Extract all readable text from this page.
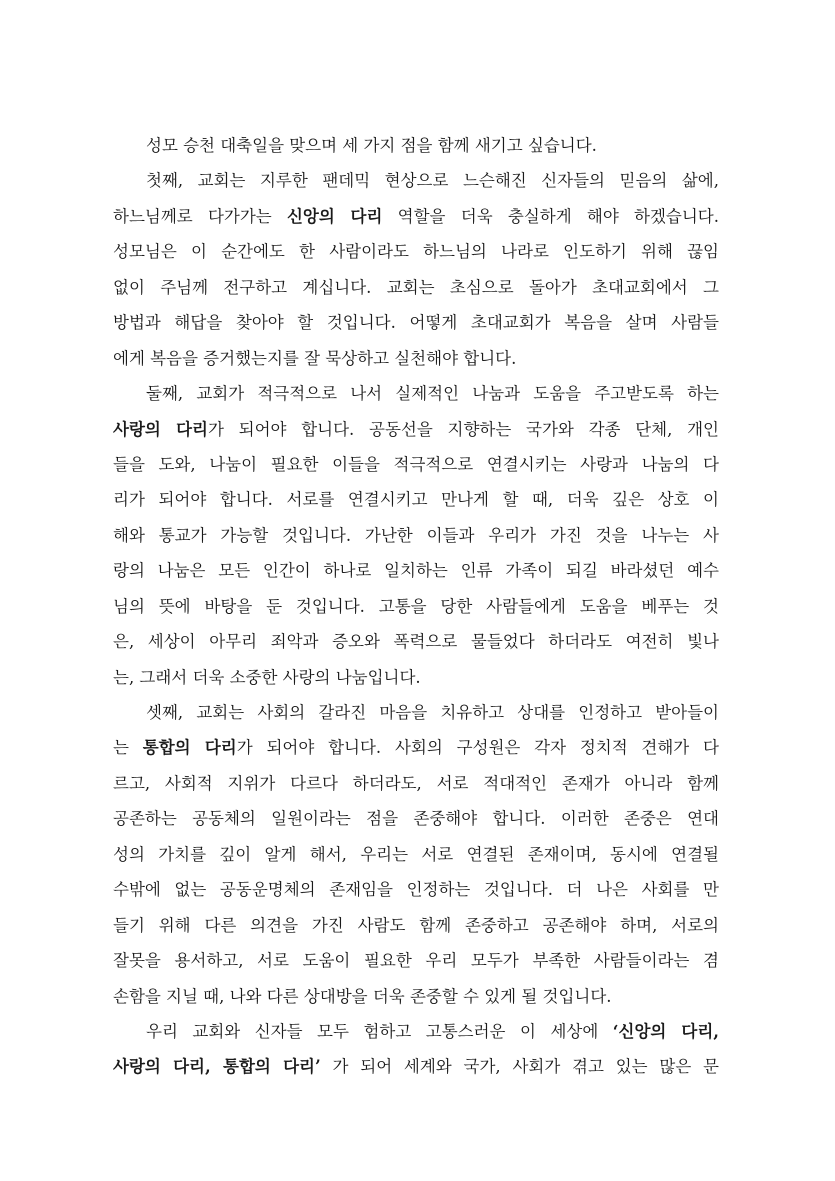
성모 승천 대축일을 맞으며 세 가지 점을 함께 새기고 싶습니다.
첫째, 교회는 지루한 팬데믹 현상으로 느슨해진 신자들의 믿음의 삶에,
하느님께로 다가가는 신앙의 다리 역할을 더욱 충실하게 해야 하겠습니다.
성모님은 이 순간에도 한 사람이라도 하느님의 나라로 인도하기 위해 끊임
없이 주님께 전구하고 계십니다. 교회는 초심으로 돌아가 초대교회에서 그
방법과 해답을 찾아야 할 것입니다. 어떻게 초대교회가 복음을 살며 사람들
에게 복음을 증거했는지를 잘 묵상하고 실천해야 합니다.
둘째, 교회가 적극적으로 나서 실제적인 나눔과 도움을 주고받도록 하는
사랑의 다리가 되어야 합니다. 공동선을 지향하는 국가와 각종 단체, 개인
들을 도와, 나눔이 필요한 이들을 적극적으로 연결시키는 사랑과 나눔의 다
리가 되어야 합니다. 서로를 연결시키고 만나게 할 때, 더욱 깊은 상호 이
해와 통교가 가능할 것입니다. 가난한 이들과 우리가 가진 것을 나누는 사
랑의 나눔은 모든 인간이 하나로 일치하는 인류 가족이 되길 바라셨던 예수
님의 뜻에 바탕을 둔 것입니다. 고통을 당한 사람들에게 도움을 베푸는 것
은, 세상이 아무리 죄악과 증오와 폭력으로 물들었다 하더라도 여전히 빛나
는, 그래서 더욱 소중한 사랑의 나눔입니다.
셋째, 교회는 사회의 갈라진 마음을 치유하고 상대를 인정하고 받아들이
는 통합의 다리가 되어야 합니다. 사회의 구성원은 각자 정치적 견해가 다
르고, 사회적 지위가 다르다 하더라도, 서로 적대적인 존재가 아니라 함께
공존하는 공동체의 일원이라는 점을 존중해야 합니다. 이러한 존중은 연대
성의 가치를 깊이 알게 해서, 우리는 서로 연결된 존재이며, 동시에 연결될
수밖에 없는 공동운명체의 존재임을 인정하는 것입니다. 더 나은 사회를 만
들기 위해 다른 의견을 가진 사람도 함께 존중하고 공존해야 하며, 서로의
잘못을 용서하고, 서로 도움이 필요한 우리 모두가 부족한 사람들이라는 겸
손함을 지닐 때, 나와 다른 상대방을 더욱 존중할 수 있게 될 것입니다.
우리 교회와 신자들 모두 험하고 고통스러운 이 세상에 ‘신앙의 다리,
사랑의 다리, 통합의 다리’ 가 되어 세계와 국가, 사회가 겪고 있는 많은 문
